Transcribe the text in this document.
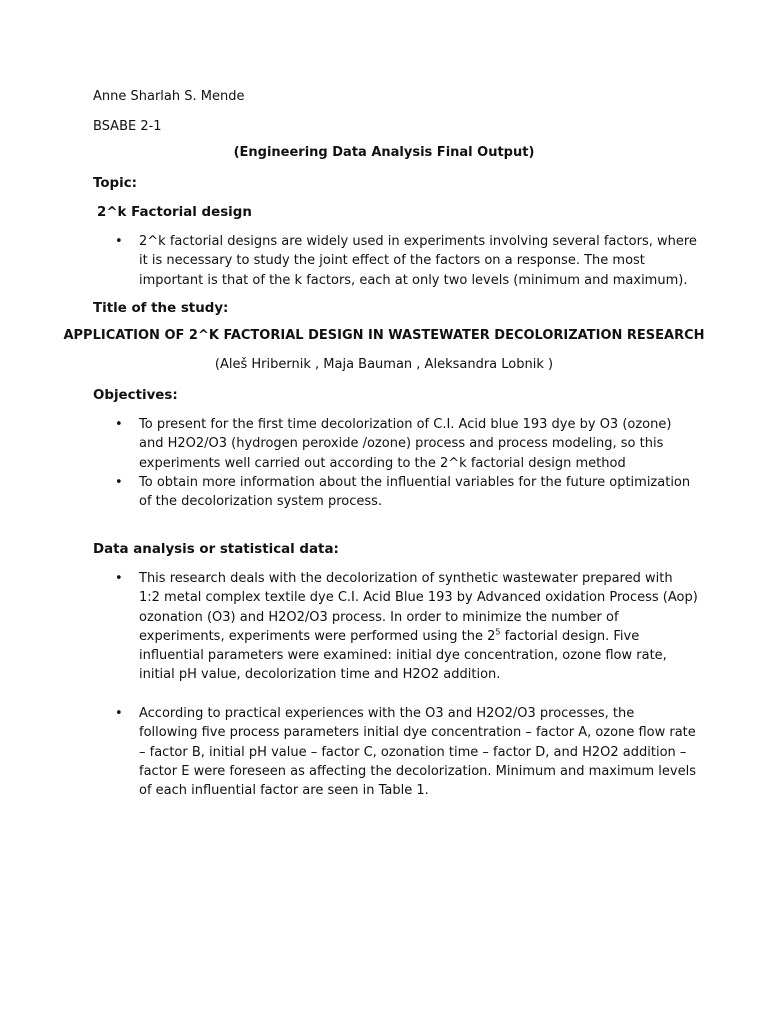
Anne Sharlah S. Mende
BSABE 2-1
(Engineering Data Analysis Final Output)
Topic:
2^k Factorial design
• 2^k factorial designs are widely used in experiments involving several factors, where
it is necessary to study the joint effect of the factors on a response. The most
important is that of the k factors, each at only two levels (minimum and maximum).
Title of the study:
APPLICATION OF 2^K FACTORIAL DESIGN IN WASTEWATER DECOLORIZATION RESEARCH
(Aleš Hribernik , Maja Bauman , Aleksandra Lobnik )
Objectives:
• To present for the first time decolorization of C.I. Acid blue 193 dye by O3 (ozone)
and H2O2/O3 (hydrogen peroxide /ozone) process and process modeling, so this
experiments well carried out according to the 2^k factorial design method
• To obtain more information about the influential variables for the future optimization
of the decolorization system process.
Data analysis or statistical data:
• This research deals with the decolorization of synthetic wastewater prepared with
1:2 metal complex textile dye C.I. Acid Blue 193 by Advanced oxidation Process (Aop)
ozonation (O3) and H2O2/O3 process. In order to minimize the number of
experiments, experiments were performed using the $2^5$ factorial design. Five
influential parameters were examined: initial dye concentration, ozone flow rate,
initial pH value, decolorization time and H2O2 addition.
• According to practical experiences with the O3 and H2O2/O3 processes, the
following five process parameters initial dye concentration – factor A, ozone flow rate
– factor B, initial pH value – factor C, ozonation time – factor D, and H2O2 addition –
factor E were foreseen as affecting the decolorization. Minimum and maximum levels
of each influential factor are seen in Table 1.
